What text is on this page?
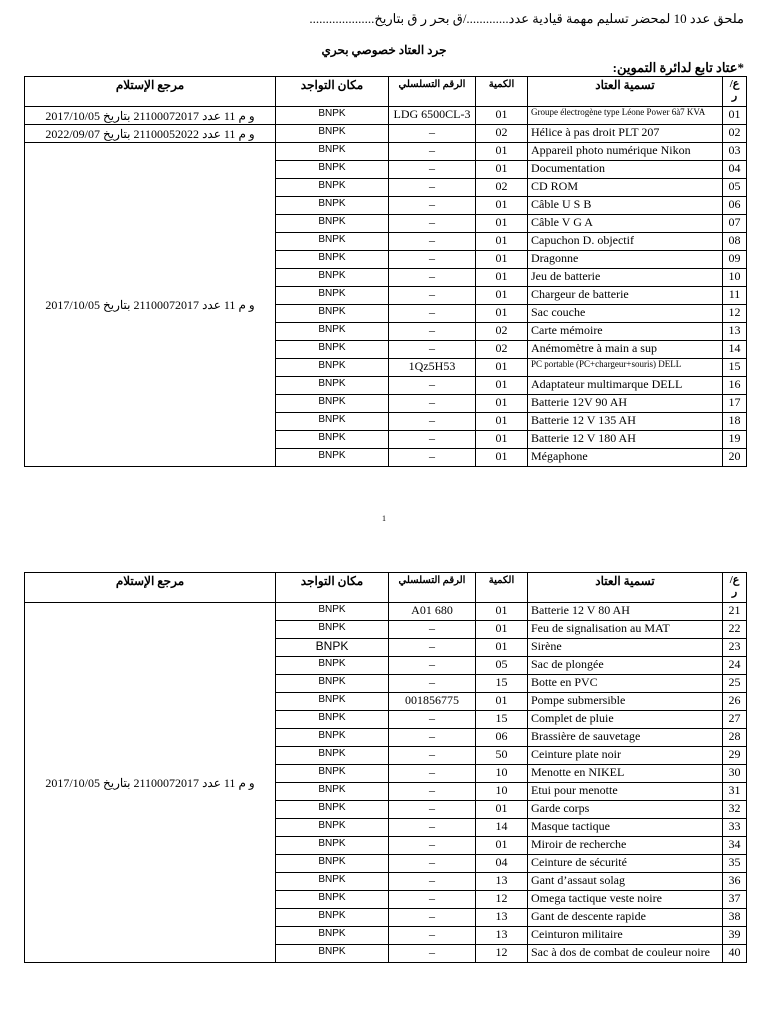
ملحق عدد 10 لمحضر تسليم مهمة قيادية عدد............./ق بحر ر ق بتاريخ....................
جرد العتاد خصوصي بحري
*عتاد تابع لدائرة التموين:
مرجع الإستلام	مكان التواجد	الرقم التسلسلي	الكمية	تسمية العتاد	ع/ ر
و م 11 عدد 21100072017 بتاريخ 2017/10/05	BNPK	LDG 6500CL-3	01	Groupe électrogène type Léone Power 6à7 KVA	01
و م 11 عدد 21100052022 بتاريخ 2022/09/07	BNPK	–	02	Hélice à pas droit PLT 207	02
و م 11 عدد 21100072017 بتاريخ 2017/10/05	BNPK	–	01	Appareil photo numérique Nikon	03
	BNPK	–	01	Documentation	04
	BNPK	–	02	CD ROM	05
	BNPK	–	01	Câble U S B	06
	BNPK	–	01	Câble V G A	07
	BNPK	–	01	Capuchon D. objectif	08
	BNPK	–	01	Dragonne	09
	BNPK	–	01	Jeu de batterie	10
	BNPK	–	01	Chargeur de batterie	11
	BNPK	–	01	Sac couche	12
	BNPK	–	02	Carte mémoire	13
	BNPK	–	02	Anémomètre à main a sup	14
	BNPK	1Qz5H53	01	PC portable (PC+chargeur+souris) DELL	15
	BNPK	–	01	Adaptateur multimarque DELL	16
	BNPK	–	01	Batterie 12V 90 AH	17
	BNPK	–	01	Batterie 12 V 135 AH	18
	BNPK	–	01	Batterie 12 V 180 AH	19
	BNPK	–	01	Mégaphone	20
1
مرجع الإستلام	مكان التواجد	الرقم التسلسلي	الكمية	تسمية العتاد	ع/ ر
و م 11 عدد 21100072017 بتاريخ 2017/10/05	BNPK	A01 680	01	Batterie 12 V 80 AH	21
	BNPK	–	01	Feu de signalisation au MAT	22
	BNPK	–	01	Sirène	23
	BNPK	–	05	Sac de plongée	24
	BNPK	–	15	Botte en PVC	25
	BNPK	001856775	01	Pompe submersible	26
	BNPK	–	15	Complet de pluie	27
	BNPK	–	06	Brassière de sauvetage	28
	BNPK	–	50	Ceinture plate noir	29
	BNPK	–	10	Menotte en NIKEL	30
	BNPK	–	10	Etui pour menotte	31
	BNPK	–	01	Garde corps	32
	BNPK	–	14	Masque tactique	33
	BNPK	–	01	Miroir de recherche	34
	BNPK	–	04	Ceinture de sécurité	35
	BNPK	–	13	Gant d’assaut solag	36
	BNPK	–	12	Omega tactique veste noire	37
	BNPK	–	13	Gant de descente rapide	38
	BNPK	–	13	Ceinturon militaire	39
	BNPK	–	12	Sac à dos de combat de couleur noire	40
